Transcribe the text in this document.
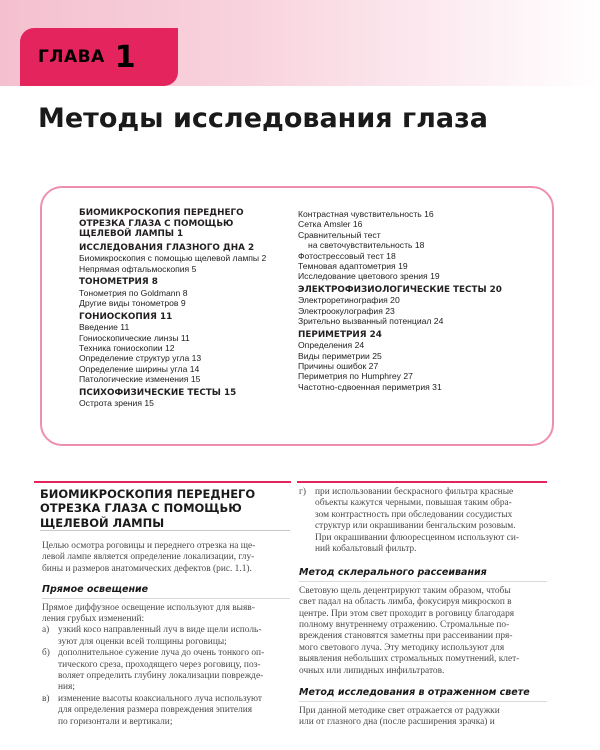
ГЛАВА 1
Методы исследования глаза
БИОМИКРОСКОПИЯ ПЕРЕДНЕГО
ОТРЕЗКА ГЛАЗА С ПОМОЩЬЮ
ЩЕЛЕВОЙ ЛАМПЫ 1
ИССЛЕДОВАНИЯ ГЛАЗНОГО ДНА 2
Биомикроскопия с помощью щелевой лампы 2
Непрямая офтальмоскопия 5
ТОНОМЕТРИЯ 8
Тонометрия по Goldmann 8
Другие виды тонометров 9
ГОНИОСКОПИЯ 11
Введение 11
Гониоскопические линзы 11
Техника гониоскопии 12
Определение структур угла 13
Определение ширины угла 14
Патологические изменения 15
ПСИХОФИЗИЧЕСКИЕ ТЕСТЫ 15
Острота зрения 15
Контрастная чувствительность 16
Сетка Amsler 16
Сравнительный тест
на светочувствительность 18
Фотострессовый тест 18
Темновая адаптометрия 19
Исследование цветового зрения 19
ЭЛЕКТРОФИЗИОЛОГИЧЕСКИЕ ТЕСТЫ 20
Электроретинография 20
Электроокулография 23
Зрительно вызванный потенциал 24
ПЕРИМЕТРИЯ 24
Определения 24
Виды периметрии 25
Причины ошибок 27
Периметрия по Humphrey 27
Частотно-сдвоенная периметрия 31
БИОМИКРОСКОПИЯ ПЕРЕДНЕГО
ОТРЕЗКА ГЛАЗА С ПОМОЩЬЮ
ЩЕЛЕВОЙ ЛАМПЫ
Целью осмотра роговицы и переднего отрезка на ще-
левой лампе является определение локализации, глу-
бины и размеров анатомических дефектов (рис. 1.1).
Прямое освещение
Прямое диффузное освещение используют для выяв-
ления грубых изменений:
а) узкий косо направленный луч в виде щели исполь-
зуют для оценки всей толщины роговицы;
б) дополнительное сужение луча до очень тонкого оп-
тического среза, проходящего через роговицу, поз-
воляет определить глубину локализации поврежде-
ния;
в) изменение высоты коаксиального луча используют
для определения размера повреждения эпителия
по горизонтали и вертикали;
г) при использовании бескрасного фильтра красные
объекты кажутся черными, повышая таким обра-
зом контрастность при обследовании сосудистых
структур или окрашивании бенгальским розовым.
При окрашивании флюоресцеином используют си-
ний кобальтовый фильтр.
Метод склерального рассеивания
Световую щель децентрируют таким образом, чтобы
свет падал на область лимба, фокусируя микроскоп в
центре. При этом свет проходит в роговицу благодаря
полному внутреннему отражению. Стромальные по-
вреждения становятся заметны при рассеивании пря-
мого светового луча. Эту методику используют для
выявления небольших стромальных помутнений, клет-
очных или липидных инфильтратов.
Метод исследования в отраженном свете
При данной методике свет отражается от радужки
или от глазного дна (после расширения зрачка) и
